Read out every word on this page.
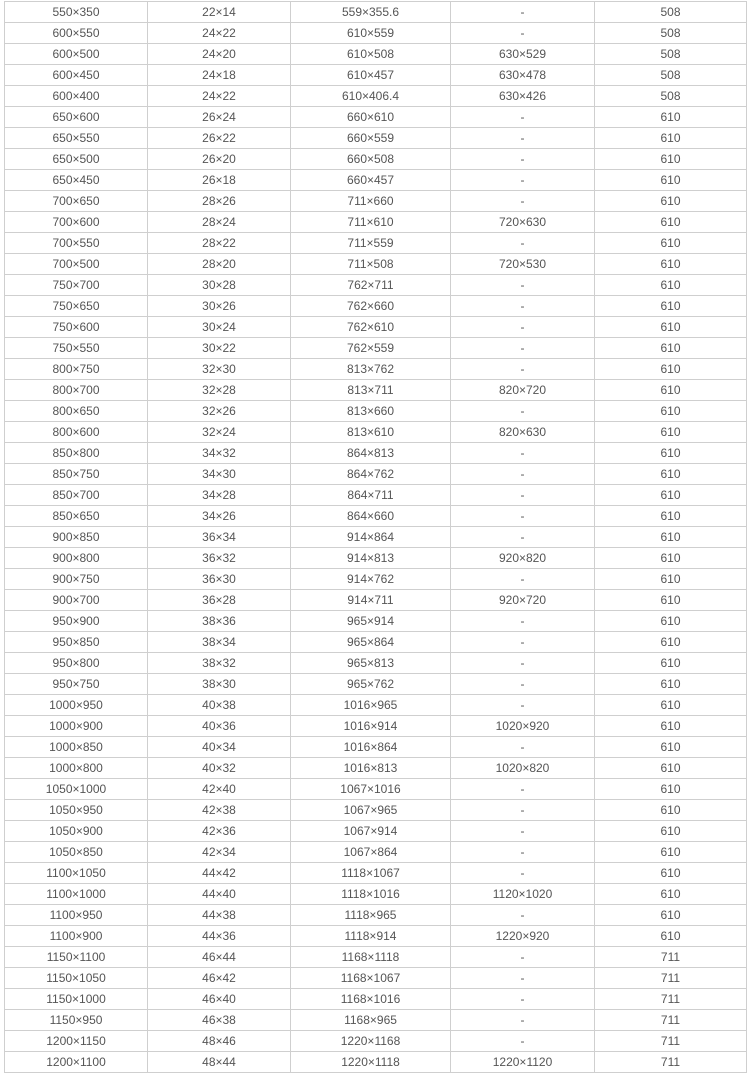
550×350	22×14	559×355.6	-	508
600×550	24×22	610×559	-	508
600×500	24×20	610×508	630×529	508
600×450	24×18	610×457	630×478	508
600×400	24×22	610×406.4	630×426	508
650×600	26×24	660×610	-	610
650×550	26×22	660×559	-	610
650×500	26×20	660×508	-	610
650×450	26×18	660×457	-	610
700×650	28×26	711×660	-	610
700×600	28×24	711×610	720×630	610
700×550	28×22	711×559	-	610
700×500	28×20	711×508	720×530	610
750×700	30×28	762×711	-	610
750×650	30×26	762×660	-	610
750×600	30×24	762×610	-	610
750×550	30×22	762×559	-	610
800×750	32×30	813×762	-	610
800×700	32×28	813×711	820×720	610
800×650	32×26	813×660	-	610
800×600	32×24	813×610	820×630	610
850×800	34×32	864×813	-	610
850×750	34×30	864×762	-	610
850×700	34×28	864×711	-	610
850×650	34×26	864×660	-	610
900×850	36×34	914×864	-	610
900×800	36×32	914×813	920×820	610
900×750	36×30	914×762	-	610
900×700	36×28	914×711	920×720	610
950×900	38×36	965×914	-	610
950×850	38×34	965×864	-	610
950×800	38×32	965×813	-	610
950×750	38×30	965×762	-	610
1000×950	40×38	1016×965	-	610
1000×900	40×36	1016×914	1020×920	610
1000×850	40×34	1016×864	-	610
1000×800	40×32	1016×813	1020×820	610
1050×1000	42×40	1067×1016	-	610
1050×950	42×38	1067×965	-	610
1050×900	42×36	1067×914	-	610
1050×850	42×34	1067×864	-	610
1100×1050	44×42	1118×1067	-	610
1100×1000	44×40	1118×1016	1120×1020	610
1100×950	44×38	1118×965	-	610
1100×900	44×36	1118×914	1220×920	610
1150×1100	46×44	1168×1118	-	711
1150×1050	46×42	1168×1067	-	711
1150×1000	46×40	1168×1016	-	711
1150×950	46×38	1168×965	-	711
1200×1150	48×46	1220×1168	-	711
1200×1100	48×44	1220×1118	1220×1120	711
